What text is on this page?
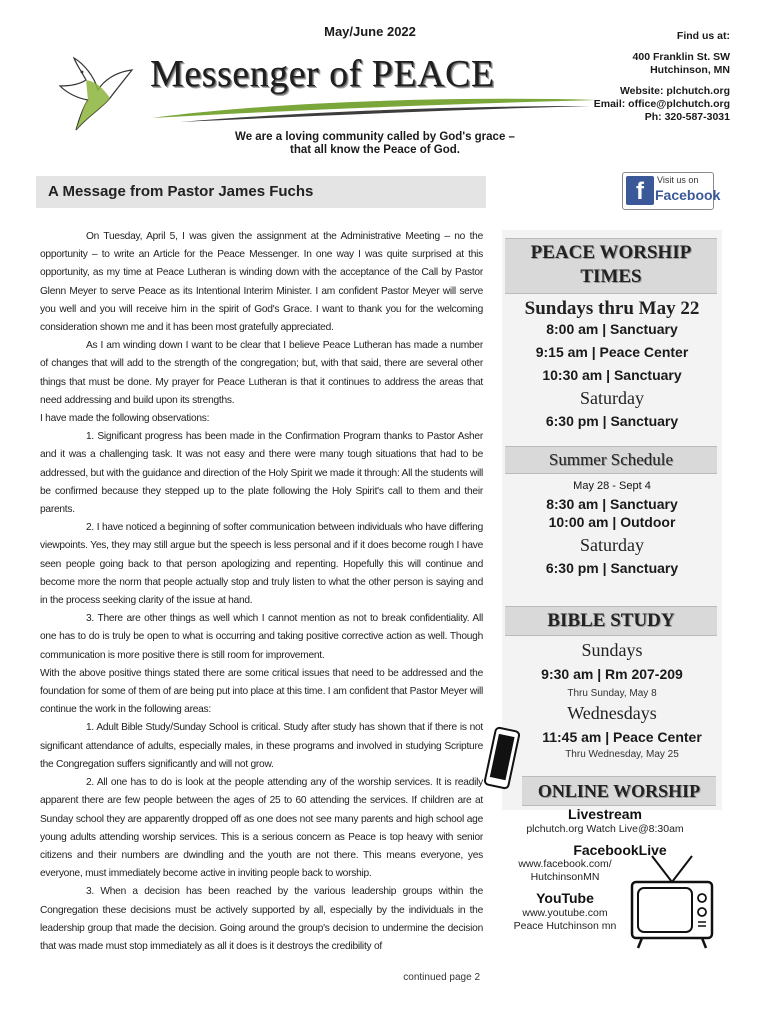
May/June 2022
Messenger of PEACE
We are a loving community called by God's grace –
that all know the Peace of God.
Find us at:
400 Franklin St. SW
Hutchinson, MN
Website: plchutch.org
Email: office@plchutch.org
Ph: 320-587-3031
A Message from Pastor James Fuchs	f	Visit us on
Facebook

On Tuesday, April 5, I was given the assignment at the Administrative Meeting – no the opportunity – to write an Article for the Peace Messenger. In one way I was quite surprised at this opportunity, as my time at Peace Lutheran is winding down with the acceptance of the Call by Pastor Glenn Meyer to serve Peace as its Intentional Interim Minister. I am confident Pastor Meyer will serve you well and you will receive him in the spirit of God's Grace. I want to thank you for the welcoming consideration shown me and it has been most gratefully appreciated.

As I am winding down I want to be clear that I believe Peace Lutheran has made a number of changes that will add to the strength of the congregation; but, with that said, there are several other things that must be done. My prayer for Peace Lutheran is that it continues to address the areas that need addressing and build upon its strengths.

I have made the following observations:

1. Significant progress has been made in the Confirmation Program thanks to Pastor Asher and it was a challenging task. It was not easy and there were many tough situations that had to be addressed, but with the guidance and direction of the Holy Spirit we made it through: All the students will be confirmed because they stepped up to the plate following the Holy Spirit's call to them and their parents.

2. I have noticed a beginning of softer communication between individuals who have differing viewpoints. Yes, they may still argue but the speech is less personal and if it does become rough I have seen people going back to that person apologizing and repenting. Hopefully this will continue and become more the norm that people actually stop and truly listen to what the other person is saying and in the process seeking clarity of the issue at hand.

3. There are other things as well which I cannot mention as not to break confidentiality. All one has to do is truly be open to what is occurring and taking positive corrective action as well. Though communication is more positive there is still room for improvement.

With the above positive things stated there are some critical issues that need to be addressed and the foundation for some of them of are being put into place at this time. I am confident that Pastor Meyer will continue the work in the following areas:

1. Adult Bible Study/Sunday School is critical. Study after study has shown that if there is not significant attendance of adults, especially males, in these programs and involved in studying Scripture the Congregation suffers significantly and will not grow.

2. All one has to do is look at the people attending any of the worship services. It is readily apparent there are few people between the ages of 25 to 60 attending the services. If children are at Sunday school they are apparently dropped off as one does not see many parents and high school age young adults attending worship services. This is a serious concern as Peace is top heavy with senior citizens and their numbers are dwindling and the youth are not there. This means everyone, yes everyone, must immediately become active in inviting people back to worship.

3. When a decision has been reached by the various leadership groups within the Congregation these decisions must be actively supported by all, especially by the individuals in the leadership group that made the decision. Going around the group's decision to undermine the decision that was made must stop immediately as all it does is it destroys the credibility of

continued page 2
PEACE WORSHIP
TIMES
Sundays thru May 22
8:00 am | Sanctuary
9:15 am | Peace Center
10:30 am | Sanctuary
Saturday
6:30 pm | Sanctuary
Summer Schedule
May 28 - Sept 4
8:30 am | Sanctuary
10:00 am | Outdoor
Saturday
6:30 pm | Sanctuary
BIBLE STUDY
Sundays
9:30 am | Rm 207-209
Thru Sunday, May 8
Wednesdays
11:45 am | Peace Center
Thru Wednesday, May 25
ONLINE WORSHIP
Livestream
plchutch.org Watch Live@8:30am
FacebookLive
www.facebook.com/
HutchinsonMN
YouTube
www.youtube.com
Peace Hutchinson mn
